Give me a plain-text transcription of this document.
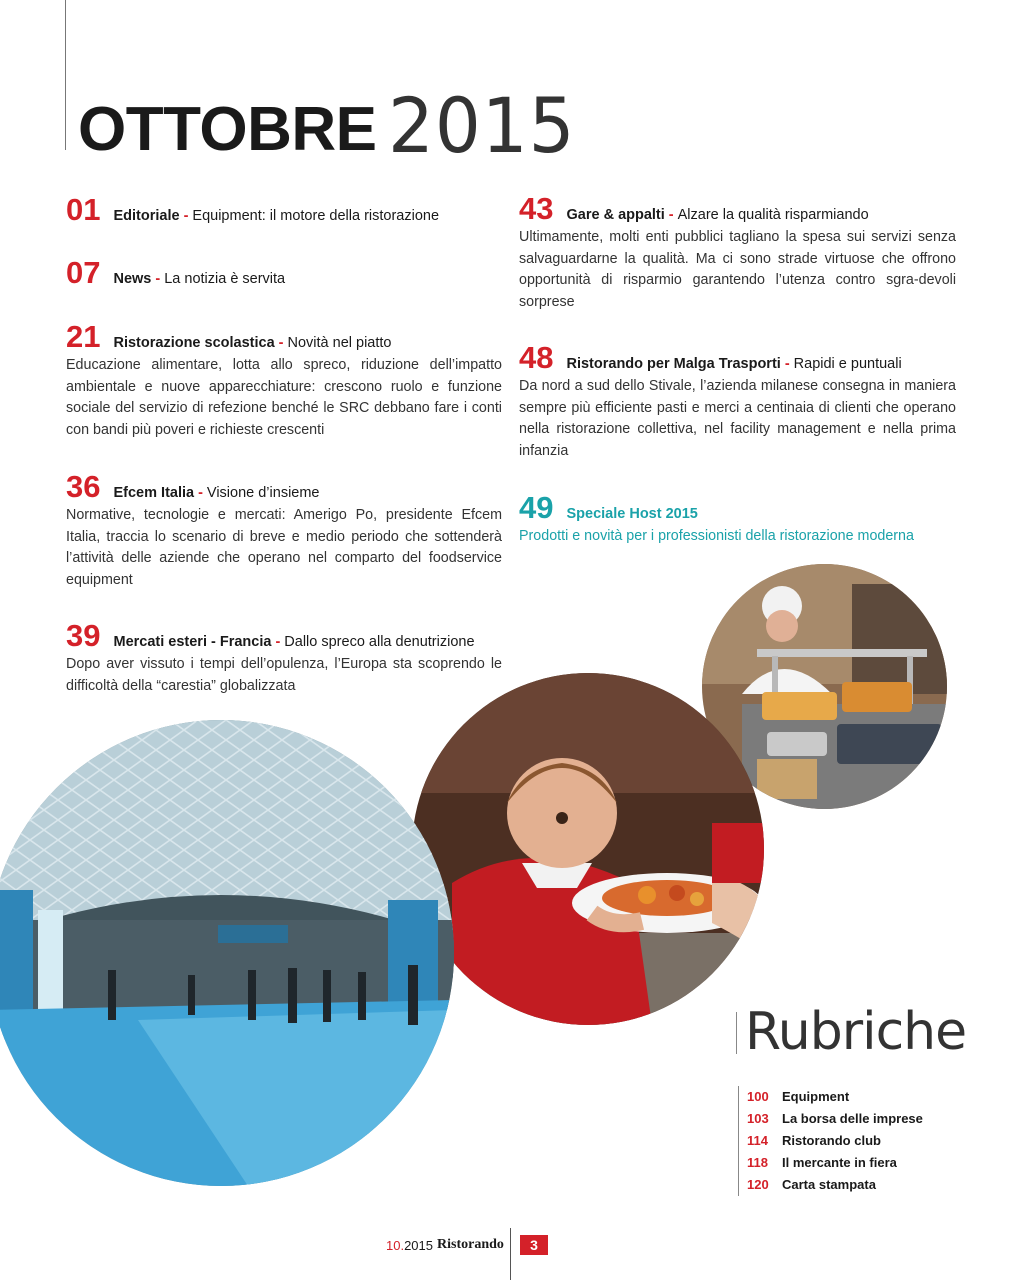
OTTOBRE 2015
01 Editoriale - Equipment: il motore della ristorazione
07 News - La notizia è servita
21 Ristorazione scolastica - Novità nel piatto
Educazione alimentare, lotta allo spreco, riduzione dell’impatto ambientale e nuove apparecchiature: crescono ruolo e funzione sociale del servizio di refezione benché le SRC debbano fare i conti con bandi più poveri e richieste crescenti
36 Efcem Italia - Visione d’insieme
Normative, tecnologie e mercati: Amerigo Po, presidente Efcem Italia, traccia lo scenario di breve e medio periodo che sottenderà l’attività delle aziende che operano nel comparto del foodservice equipment
39 Mercati esteri - Francia - Dallo spreco alla denutrizione
Dopo aver vissuto i tempi dell’opulenza, l’Europa sta scoprendo le difficoltà della “carestia” globalizzata
43 Gare & appalti - Alzare la qualità risparmiando
Ultimamente, molti enti pubblici tagliano la spesa sui servizi senza salvaguardarne la qualità. Ma ci sono strade virtuose che offrono opportunità di risparmio garantendo l’utenza contro sgra-devoli sorprese
48 Ristorando per Malga Trasporti - Rapidi e puntuali
Da nord a sud dello Stivale, l’azienda milanese consegna in maniera sempre più efficiente pasti e merci a centinaia di clienti che operano nella ristorazione collettiva, nel facility management e nella prima infanzia
49 Speciale Host 2015
Prodotti e novità per i professionisti della ristorazione moderna
Rubriche
100 Equipment
103 La borsa delle imprese
114 Ristorando club
118 Il mercante in fiera
120 Carta stampata
10. 2015 Ristorando	3
